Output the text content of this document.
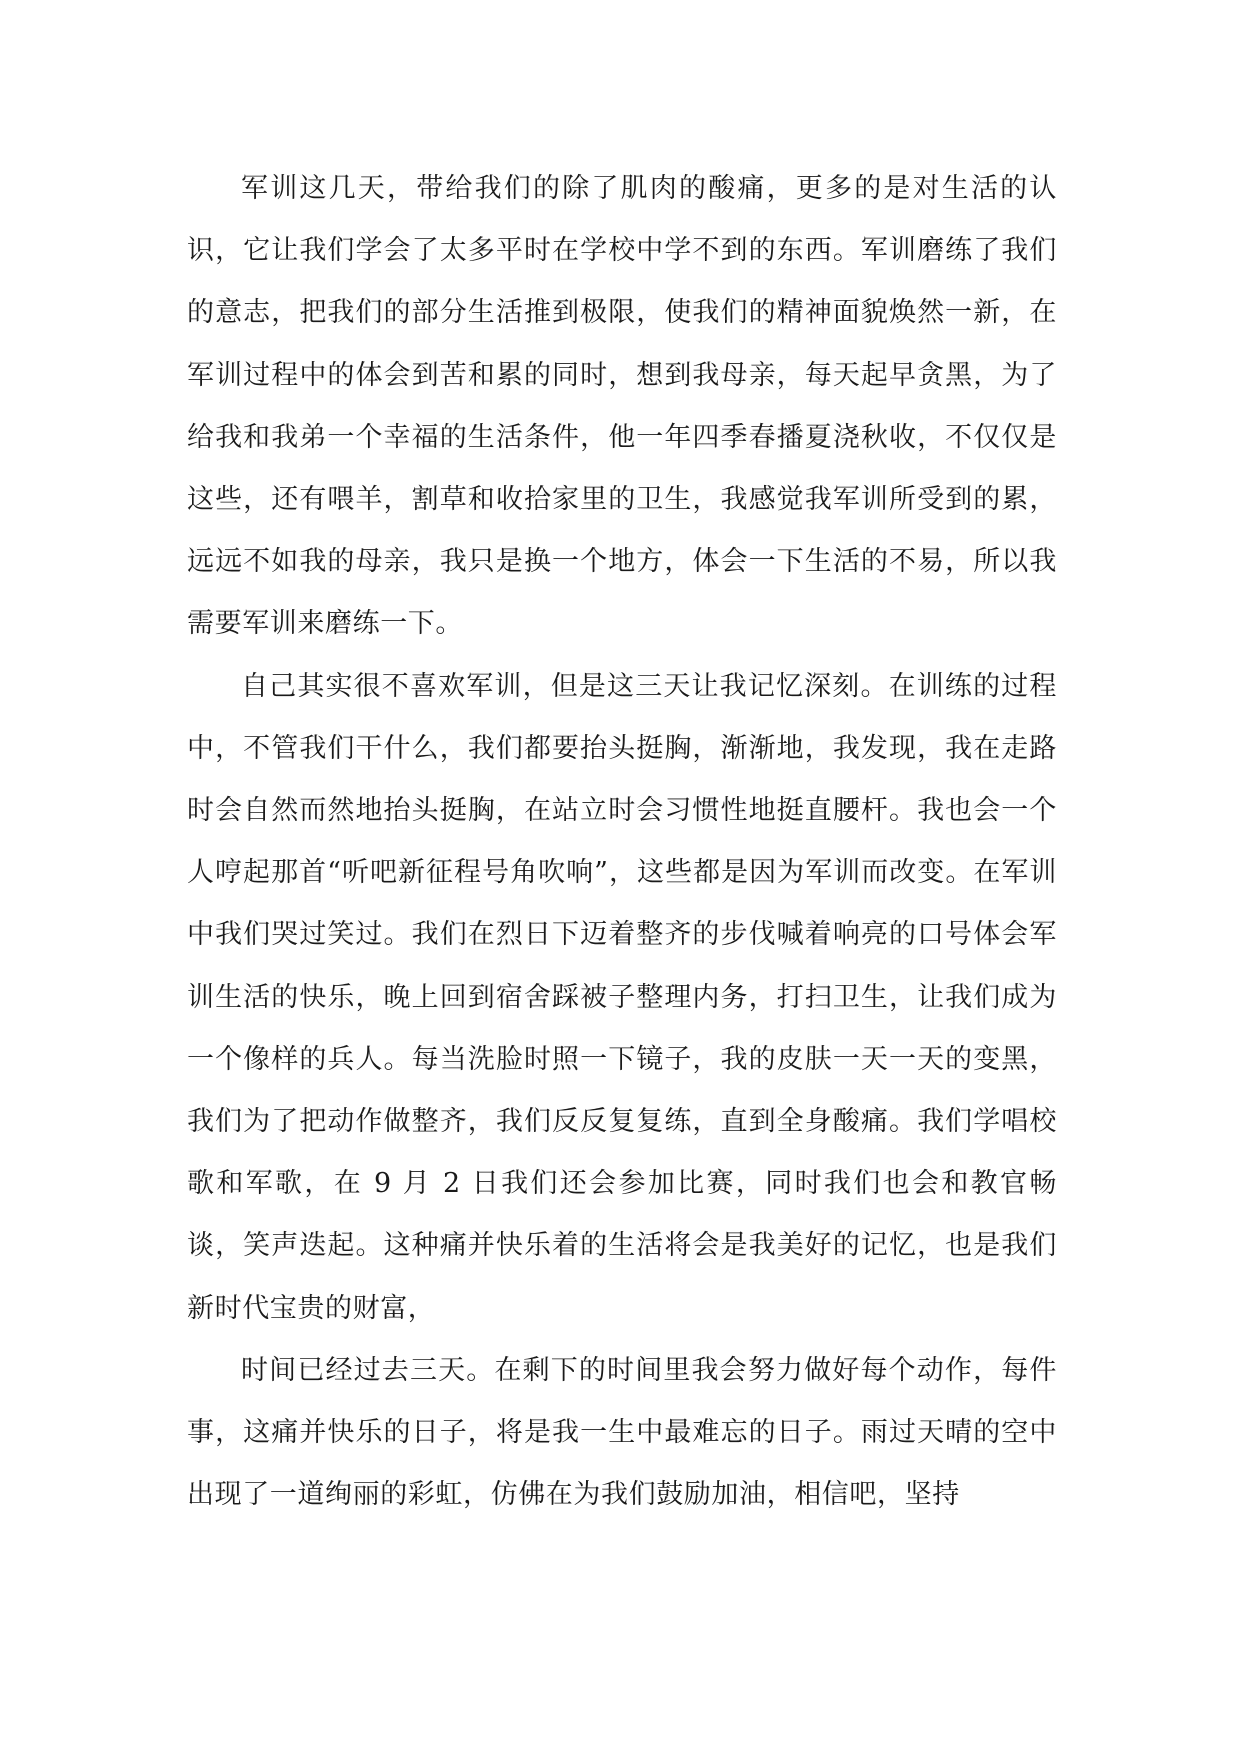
军训这几天，带给我们的除了肌肉的酸痛，更多的是对生活的认识，它让我们学会了太多平时在学校中学不到的东西。军训磨练了我们的意志，把我们的部分生活推到极限，使我们的精神面貌焕然一新，在军训过程中的体会到苦和累的同时，想到我母亲，每天起早贪黑，为了给我和我弟一个幸福的生活条件，他一年四季春播夏浇秋收，不仅仅是这些，还有喂羊，割草和收拾家里的卫生，我感觉我军训所受到的累，远远不如我的母亲，我只是换一个地方，体会一下生活的不易，所以我需要军训来磨练一下。

自己其实很不喜欢军训，但是这三天让我记忆深刻。在训练的过程中，不管我们干什么，我们都要抬头挺胸，渐渐地，我发现，我在走路时会自然而然地抬头挺胸，在站立时会习惯性地挺直腰杆。我也会一个人哼起那首“听吧新征程号角吹响”，这些都是因为军训而改变。在军训中我们哭过笑过。我们在烈日下迈着整齐的步伐喊着响亮的口号体会军训生活的快乐，晚上回到宿舍踩被子整理内务，打扫卫生，让我们成为一个像样的兵人。每当洗脸时照一下镜子，我的皮肤一天一天的变黑，我们为了把动作做整齐，我们反反复复练，直到全身酸痛。我们学唱校歌和军歌，在 9 月 2 日我们还会参加比赛，同时我们也会和教官畅谈，笑声迭起。这种痛并快乐着的生活将会是我美好的记忆，也是我们新时代宝贵的财富，

时间已经过去三天。在剩下的时间里我会努力做好每个动作，每件事，这痛并快乐的日子，将是我一生中最难忘的日子。雨过天晴的空中出现了一道绚丽的彩虹，仿佛在为我们鼓励加油，相信吧，坚持
